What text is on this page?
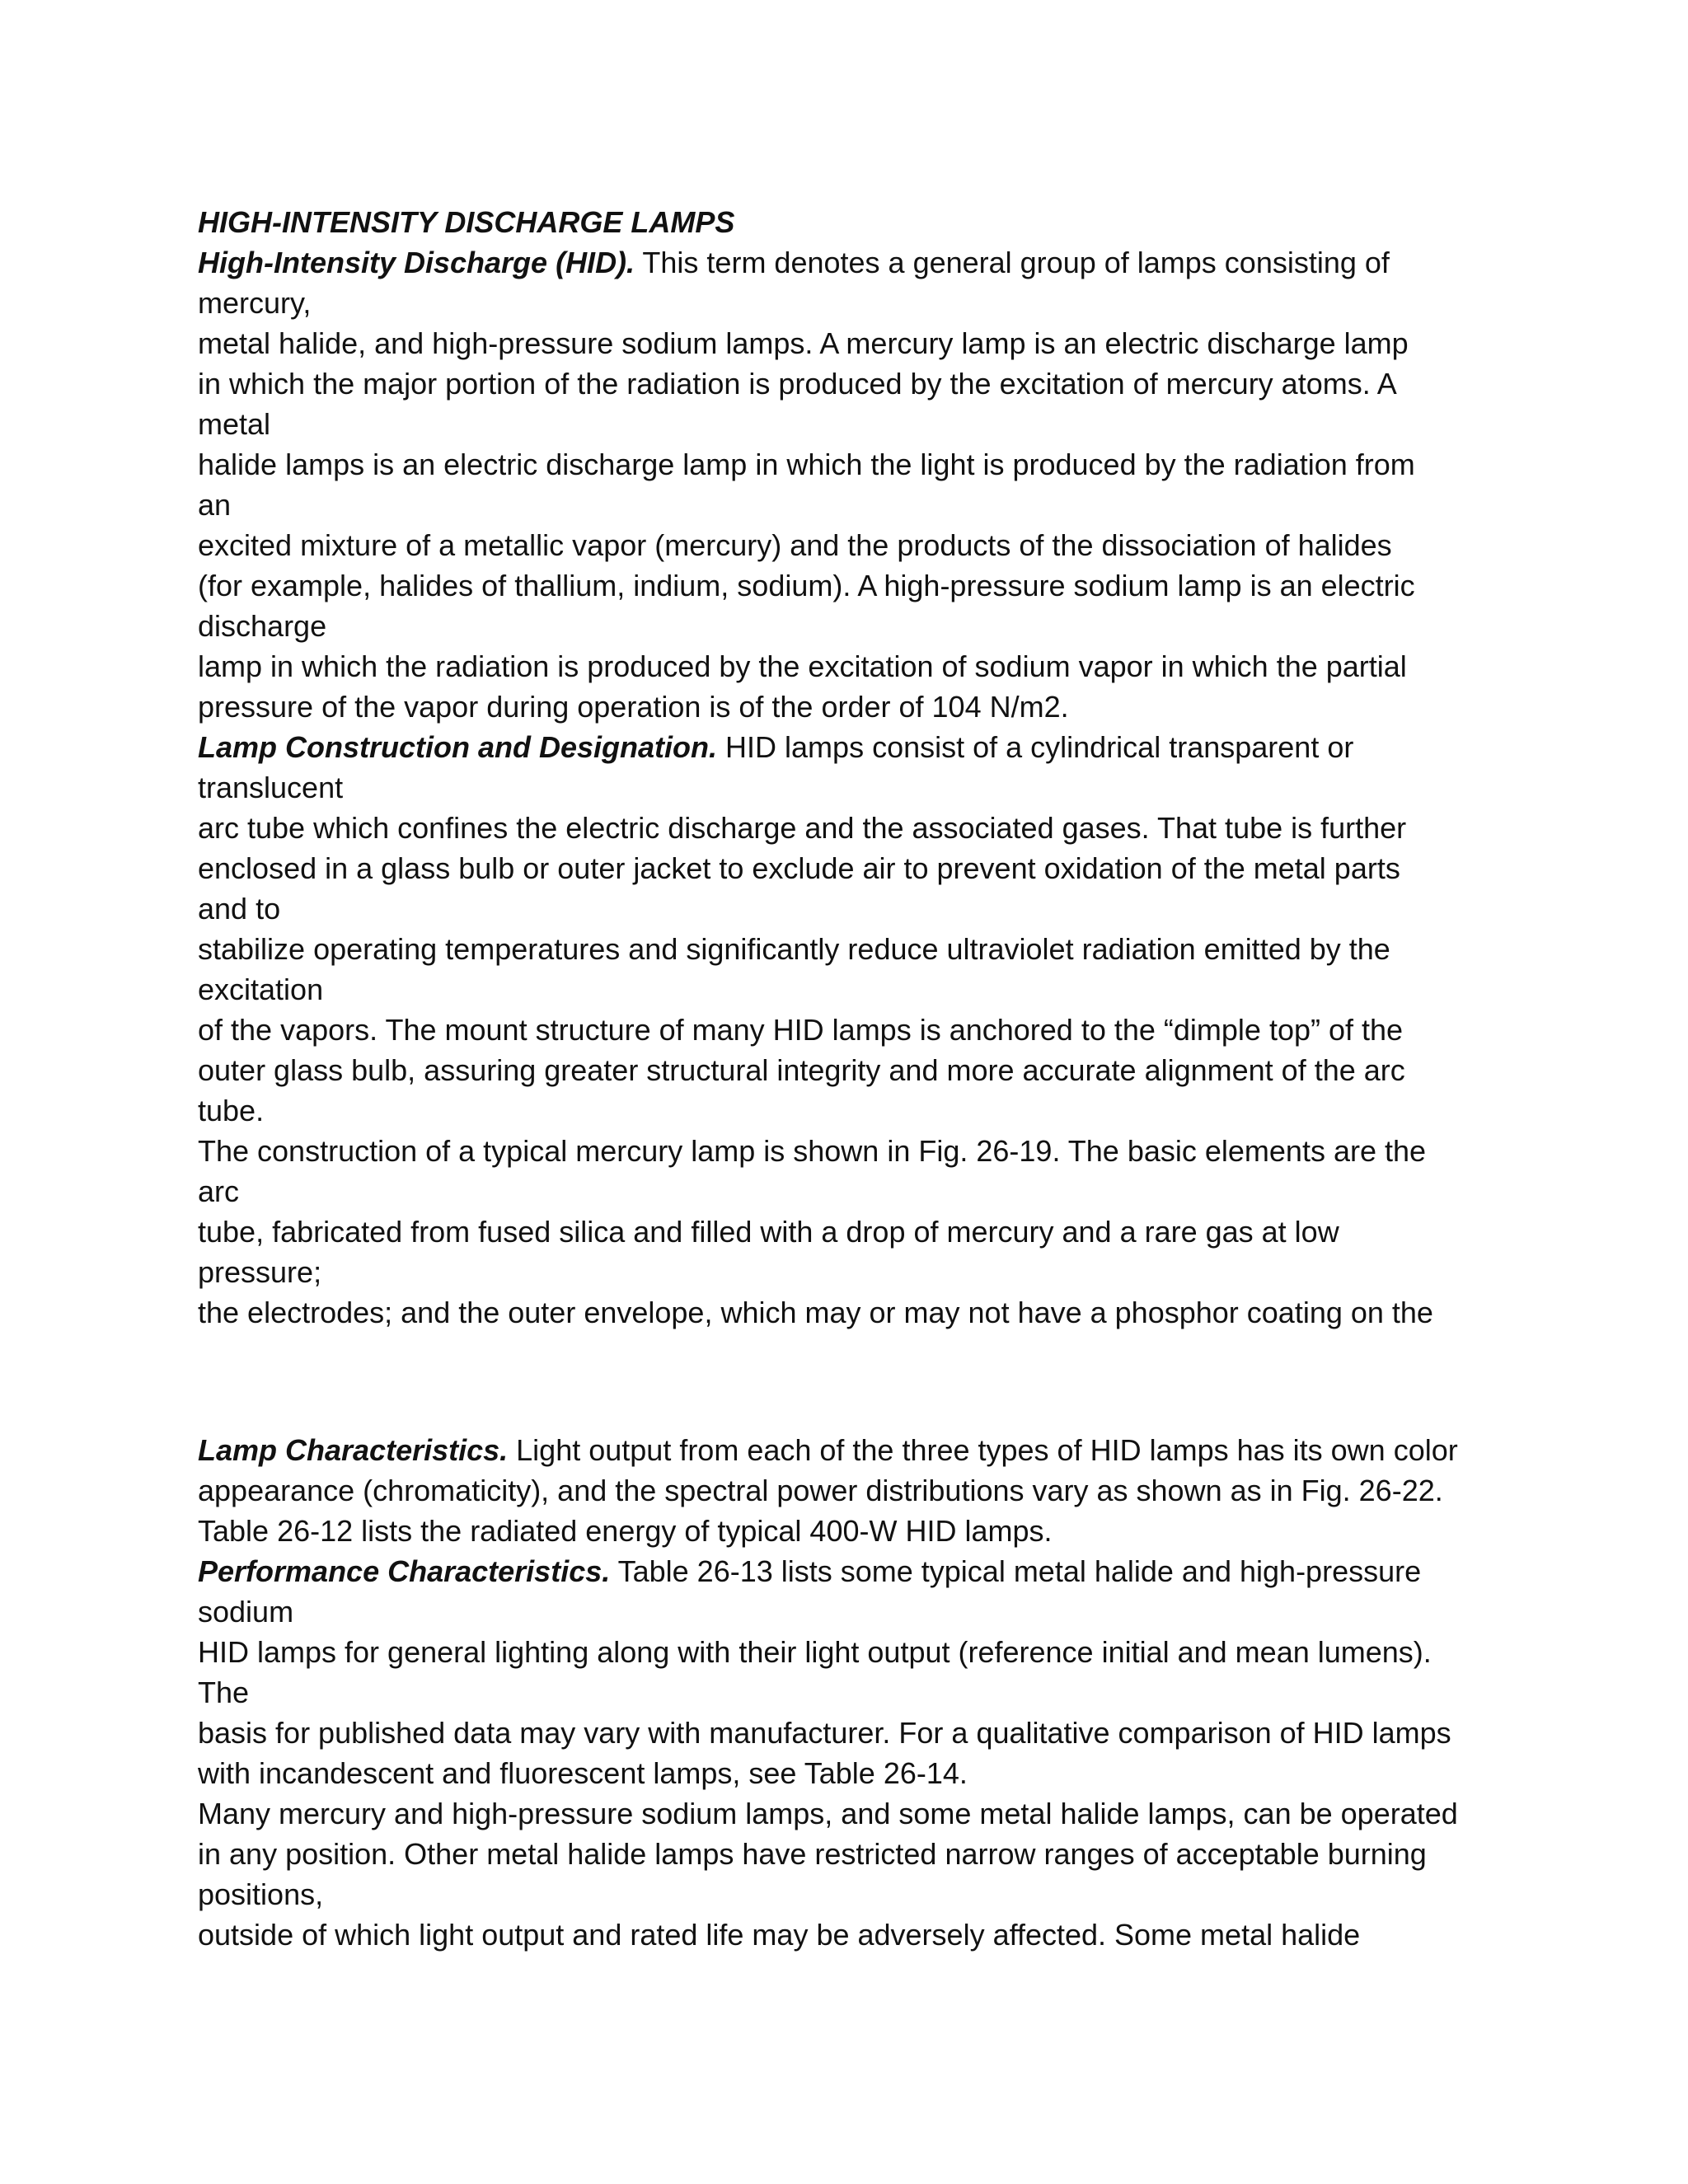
HIGH-INTENSITY DISCHARGE LAMPS
High-Intensity Discharge (HID). This term denotes a general group of lamps consisting of
mercury,
metal halide, and high-pressure sodium lamps. A mercury lamp is an electric discharge lamp
in which the major portion of the radiation is produced by the excitation of mercury atoms. A
metal
halide lamps is an electric discharge lamp in which the light is produced by the radiation from
an
excited mixture of a metallic vapor (mercury) and the products of the dissociation of halides
(for example, halides of thallium, indium, sodium). A high-pressure sodium lamp is an electric
discharge
lamp in which the radiation is produced by the excitation of sodium vapor in which the partial
pressure of the vapor during operation is of the order of 104 N/m2.
Lamp Construction and Designation. HID lamps consist of a cylindrical transparent or
translucent
arc tube which confines the electric discharge and the associated gases. That tube is further
enclosed in a glass bulb or outer jacket to exclude air to prevent oxidation of the metal parts
and to
stabilize operating temperatures and significantly reduce ultraviolet radiation emitted by the
excitation
of the vapors. The mount structure of many HID lamps is anchored to the “dimple top” of the
outer glass bulb, assuring greater structural integrity and more accurate alignment of the arc
tube.
The construction of a typical mercury lamp is shown in Fig. 26-19. The basic elements are the
arc
tube, fabricated from fused silica and filled with a drop of mercury and a rare gas at low
pressure;
the electrodes; and the outer envelope, which may or may not have a phosphor coating on the
Lamp Characteristics. Light output from each of the three types of HID lamps has its own color
appearance (chromaticity), and the spectral power distributions vary as shown as in Fig. 26-22.
Table 26-12 lists the radiated energy of typical 400-W HID lamps.
Performance Characteristics. Table 26-13 lists some typical metal halide and high-pressure
sodium
HID lamps for general lighting along with their light output (reference initial and mean lumens).
The
basis for published data may vary with manufacturer. For a qualitative comparison of HID lamps
with incandescent and fluorescent lamps, see Table 26-14.
Many mercury and high-pressure sodium lamps, and some metal halide lamps, can be operated
in any position. Other metal halide lamps have restricted narrow ranges of acceptable burning
positions,
outside of which light output and rated life may be adversely affected. Some metal halide
